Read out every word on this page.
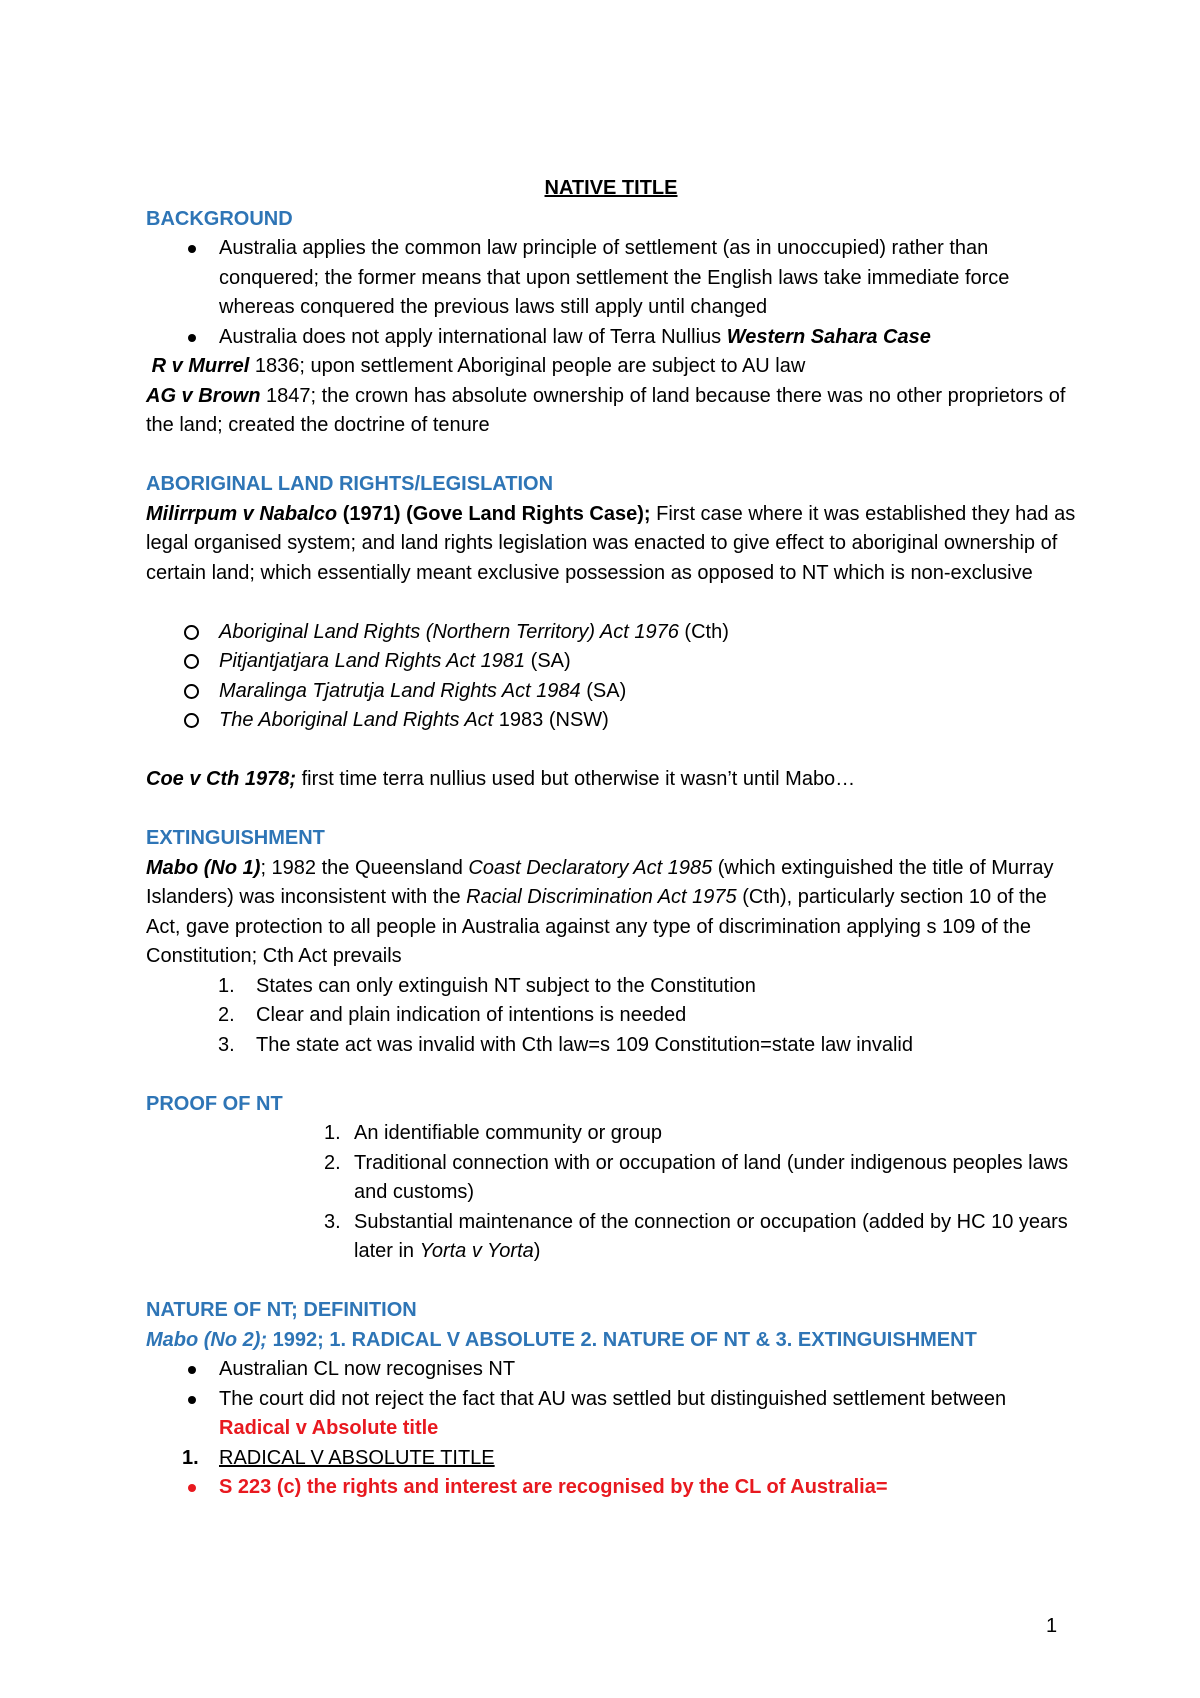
NATIVE TITLE
BACKGROUND
Australia applies the common law principle of settlement (as in unoccupied) rather than conquered; the former means that upon settlement the English laws take immediate force whereas conquered the previous laws still apply until changed
Australia does not apply international law of Terra Nullius Western Sahara Case

R v Murrel 1836; upon settlement Aboriginal people are subject to AU law

AG v Brown 1847; the crown has absolute ownership of land because there was no other proprietors of the land; created the doctrine of tenure

ABORIGINAL LAND RIGHTS/LEGISLATION

Milirrpum v Nabalco (1971) (Gove Land Rights Case); First case where it was established they had as legal organised system; and land rights legislation was enacted to give effect to aboriginal ownership of certain land; which essentially meant exclusive possession as opposed to NT which is non-exclusive

Aboriginal Land Rights (Northern Territory) Act 1976 (Cth)
Pitjantjatjara Land Rights Act 1981 (SA)
Maralinga Tjatrutja Land Rights Act 1984 (SA)
The Aboriginal Land Rights Act 1983 (NSW)

Coe v Cth 1978; first time terra nullius used but otherwise it wasn’t until Mabo…

EXTINGUISHMENT

Mabo (No 1); 1982 the Queensland Coast Declaratory Act 1985 (which extinguished the title of Murray Islanders) was inconsistent with the Racial Discrimination Act 1975 (Cth), particularly section 10 of the Act, gave protection to all people in Australia against any type of discrimination applying s 109 of the Constitution; Cth Act prevails

1. States can only extinguish NT subject to the Constitution
2. Clear and plain indication of intentions is needed
3. The state act was invalid with Cth law=s 109 Constitution=state law invalid
PROOF OF NT
1. An identifiable community or group
2. Traditional connection with or occupation of land (under indigenous peoples laws and customs)
3. Substantial maintenance of the connection or occupation (added by HC 10 years later in Yorta v Yorta)
NATURE OF NT; DEFINITION

Mabo (No 2); 1992; 1. RADICAL V ABSOLUTE 2. NATURE OF NT & 3. EXTINGUISHMENT

Australian CL now recognises NT
The court did not reject the fact that AU was settled but distinguished settlement between Radical v Absolute title
1. RADICAL V ABSOLUTE TITLE
S 223 (c) the rights and interest are recognised by the CL of Australia=
1
